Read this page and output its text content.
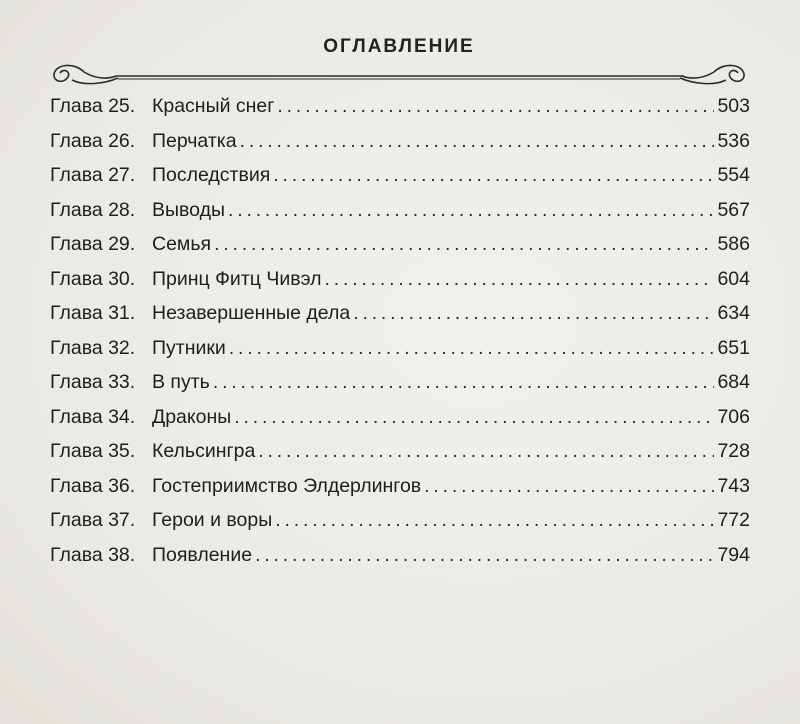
ОГЛАВЛЕНИЕ
Глава 25. Красный снег . . .	503
Глава 26. Перчатка . . .	536
Глава 27. Последствия . . .	554
Глава 28. Выводы . . .	567
Глава 29. Семья . . .	586
Глава 30. Принц Фитц Чивэл . . .	604
Глава 31. Незавершенные дела . . .	634
Глава 32. Путники . . .	651
Глава 33. В путь . . .	684
Глава 34. Драконы . . .	706
Глава 35. Кельсингра . . .	728
Глава 36. Гостеприимство Элдерлингов . . .	743
Глава 37. Герои и воры . . .	772
Глава 38. Появление . . .	794
